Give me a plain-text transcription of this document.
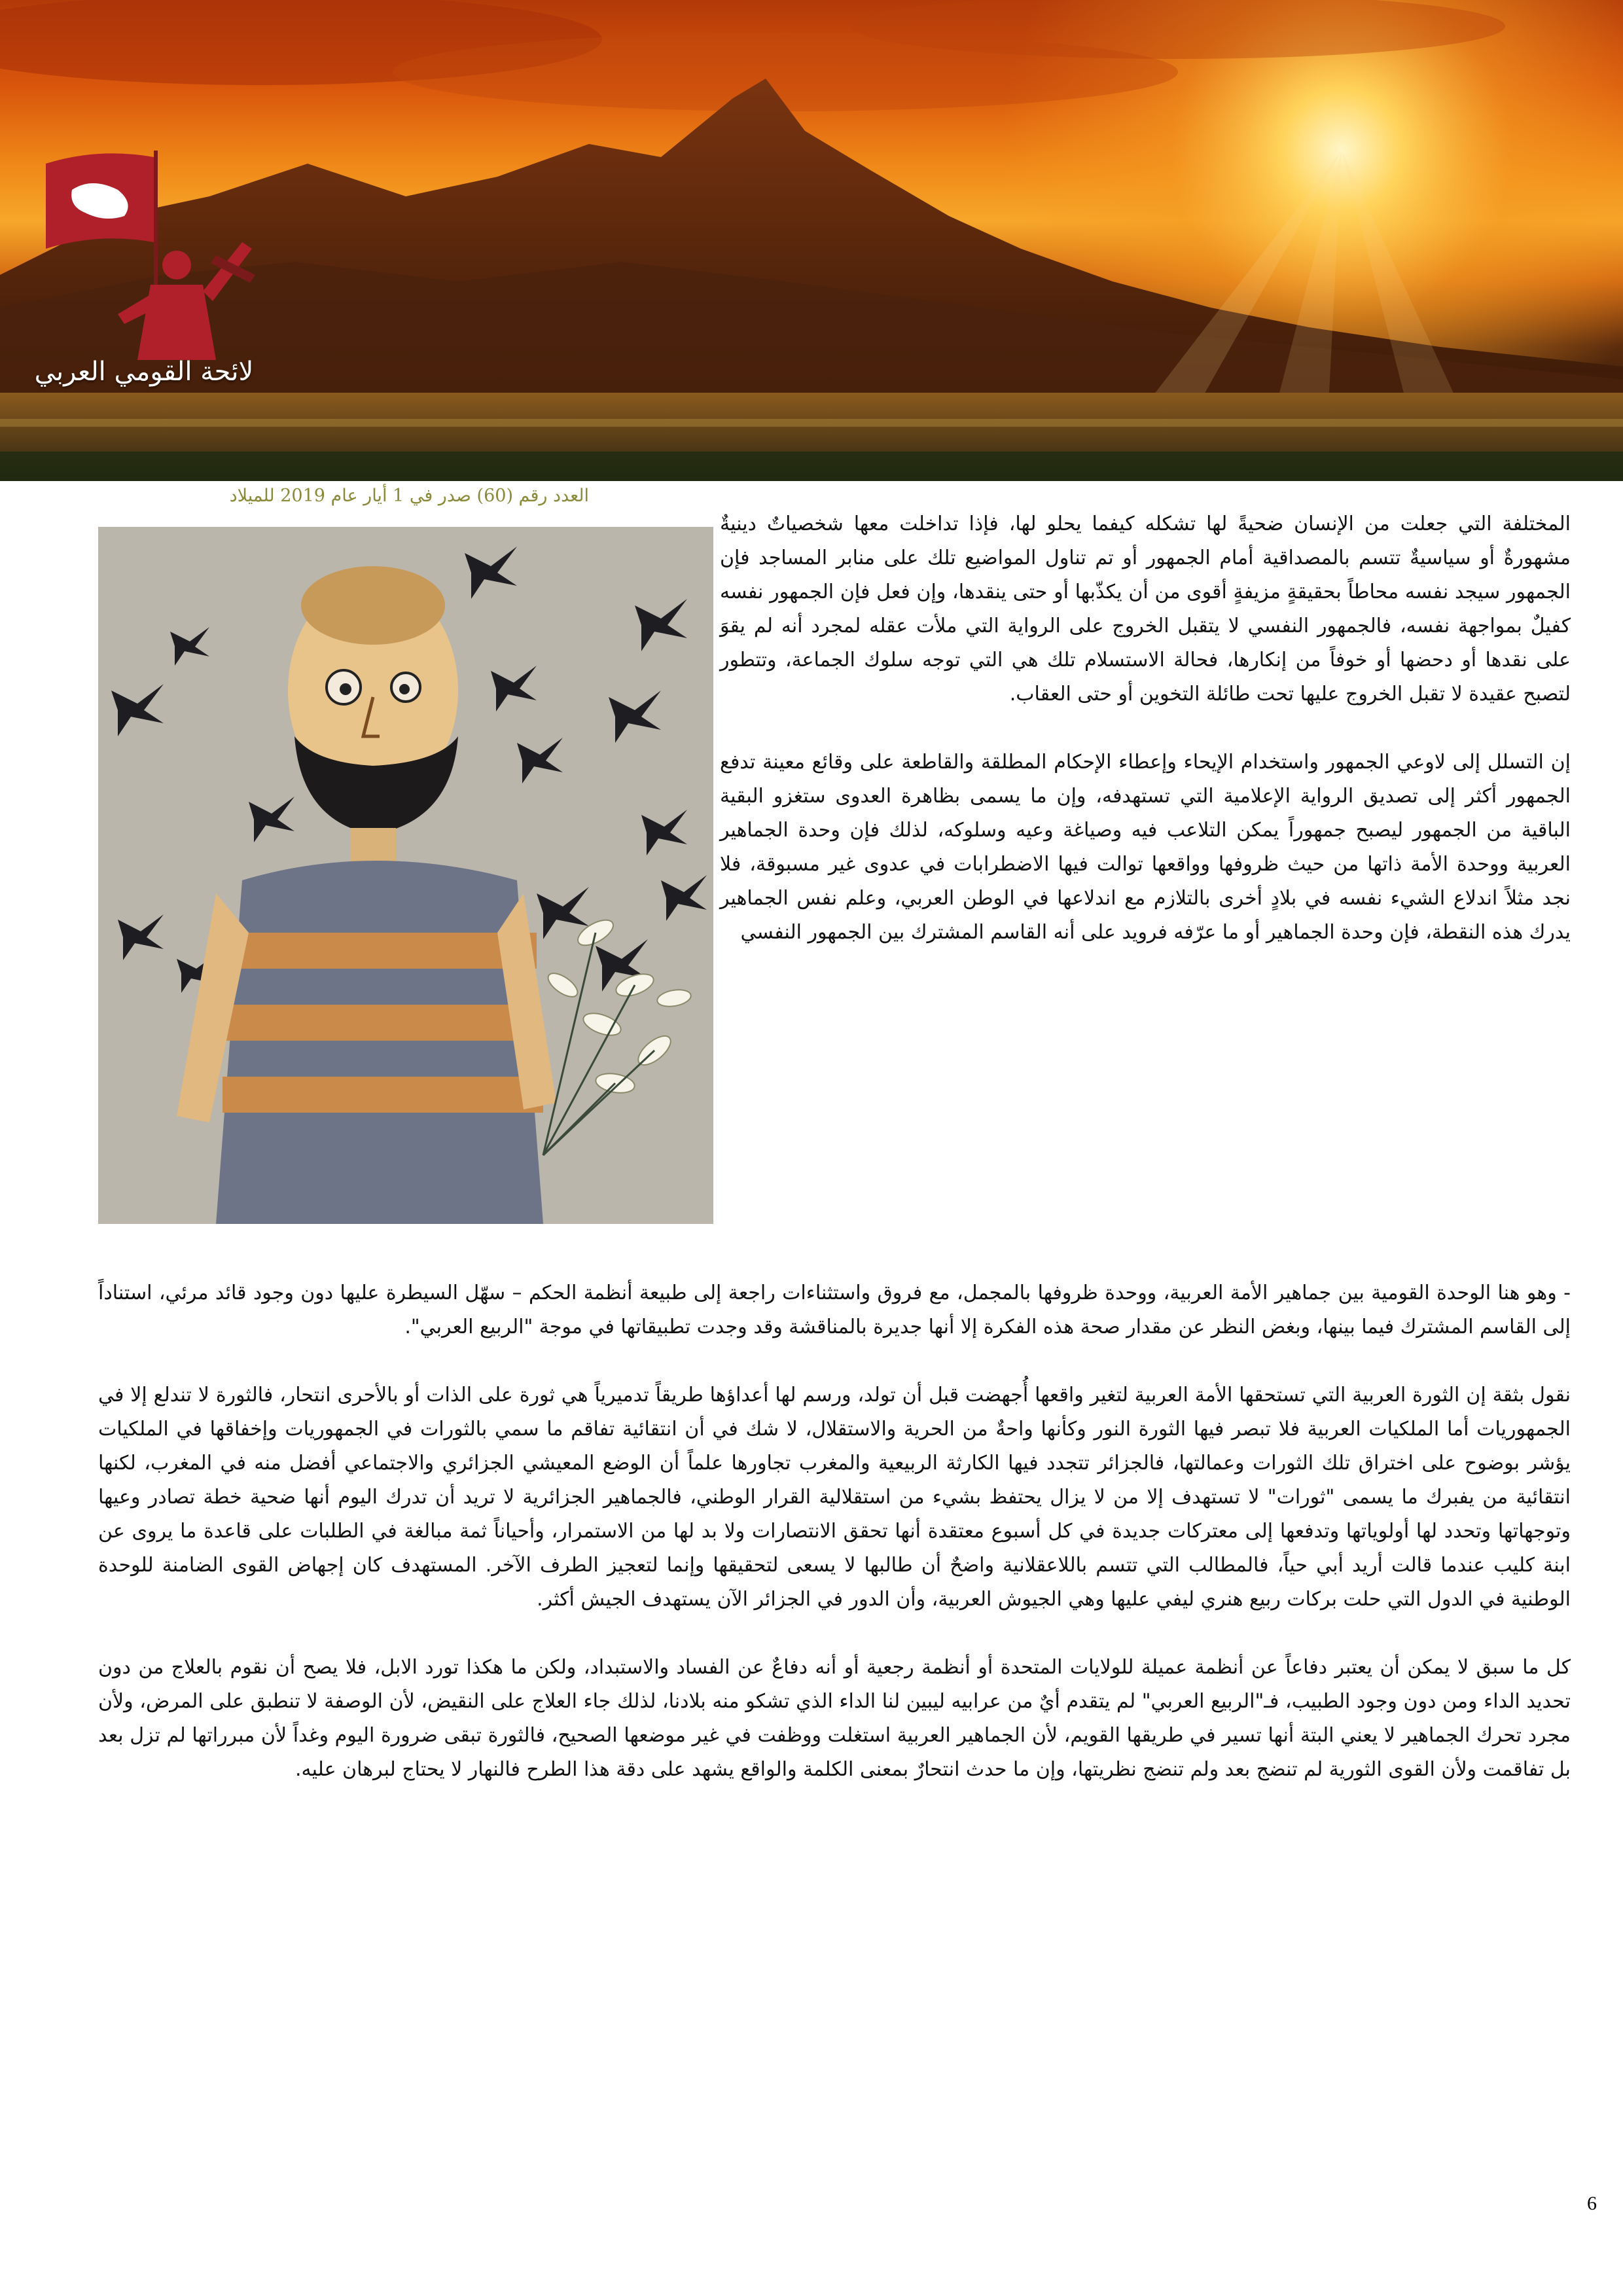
لائحة القومي العربي
العدد رقم (60) صدر في 1 أيار عام 2019 للميلاد

المختلفة التي جعلت من الإنسان ضحيةً لها تشكله كيفما يحلو لها، فإذا تداخلت معها شخصياتٌ دينيةٌ مشهورةٌ أو سياسيةٌ تتسم بالمصداقية أمام الجمهور أو تم تناول المواضيع تلك على منابر المساجد فإن الجمهور سيجد نفسه محاطاً بحقيقةٍ مزيفةٍ أقوى من أن يكذّبها أو حتى ينقدها، وإن فعل فإن الجمهور نفسه كفيلٌ بمواجهة نفسه، فالجمهور النفسي لا يتقبل الخروج على الرواية التي ملأت عقله لمجرد أنه لم يقوَ على نقدها أو دحضها أو خوفاً من إنكارها، فحالة الاستسلام تلك هي التي توجه سلوك الجماعة، وتتطور لتصبح عقيدة لا تقبل الخروج عليها تحت طائلة التخوين أو حتى العقاب.

إن التسلل إلى لاوعي الجمهور واستخدام الإيحاء وإعطاء الإحكام المطلقة والقاطعة على وقائع معينة تدفع الجمهور أكثر إلى تصديق الرواية الإعلامية التي تستهدفه، وإن ما يسمى بظاهرة العدوى ستغزو البقية الباقية من الجمهور ليصبح جمهوراً يمكن التلاعب فيه وصياغة وعيه وسلوكه، لذلك فإن وحدة الجماهير العربية ووحدة الأمة ذاتها من حيث ظروفها وواقعها توالت فيها الاضطرابات في عدوى غير مسبوقة، فلا نجد مثلاً اندلاع الشيء نفسه في بلادٍ أخرى بالتلازم مع اندلاعها في الوطن العربي، وعلم نفس الجماهير يدرك هذه النقطة، فإن وحدة الجماهير أو ما عرّفه فرويد على أنه القاسم المشترك بين الجمهور النفسي

- وهو هنا الوحدة القومية بين جماهير الأمة العربية، ووحدة ظروفها بالمجمل، مع فروق واستثناءات راجعة إلى طبيعة أنظمة الحكم – سهّل السيطرة عليها دون وجود قائد مرئي، استناداً إلى القاسم المشترك فيما بينها، وبغض النظر عن مقدار صحة هذه الفكرة إلا أنها جديرة بالمناقشة وقد وجدت تطبيقاتها في موجة "الربيع العربي".

نقول بثقة إن الثورة العربية التي تستحقها الأمة العربية لتغير واقعها أُجهضت قبل أن تولد، ورسم لها أعداؤها طريقاً تدميرياً هي ثورة على الذات أو بالأحرى انتحار، فالثورة لا تندلع إلا في الجمهوريات أما الملكيات العربية فلا تبصر فيها الثورة النور وكأنها واحةٌ من الحرية والاستقلال، لا شك في أن انتقائية تفاقم ما سمي بالثورات في الجمهوريات وإخفاقها في الملكيات يؤشر بوضوح على اختراق تلك الثورات وعمالتها، فالجزائر تتجدد فيها الكارثة الربيعية والمغرب تجاورها علماً أن الوضع المعيشي الجزائري والاجتماعي أفضل منه في المغرب، لكنها انتقائية من يفبرك ما يسمى "ثورات" لا تستهدف إلا من لا يزال يحتفظ بشيء من استقلالية القرار الوطني، فالجماهير الجزائرية لا تريد أن تدرك اليوم أنها ضحية خطة تصادر وعيها وتوجهاتها وتحدد لها أولوياتها وتدفعها إلى معتركات جديدة في كل أسبوع معتقدة أنها تحقق الانتصارات ولا بد لها من الاستمرار، وأحياناً ثمة مبالغة في الطلبات على قاعدة ما يروى عن ابنة كليب عندما قالت أريد أبي حياً، فالمطالب التي تتسم باللاعقلانية واضحٌ أن طالبها لا يسعى لتحقيقها وإنما لتعجيز الطرف الآخر. المستهدف كان إجهاض القوى الضامنة للوحدة الوطنية في الدول التي حلت بركات ربيع هنري ليفي عليها وهي الجيوش العربية، وأن الدور في الجزائر الآن يستهدف الجيش أكثر.

كل ما سبق لا يمكن أن يعتبر دفاعاً عن أنظمة عميلة للولايات المتحدة أو أنظمة رجعية أو أنه دفاعٌ عن الفساد والاستبداد، ولكن ما هكذا تورد الابل، فلا يصح أن نقوم بالعلاج من دون تحديد الداء ومن دون وجود الطبيب، فـ"الربيع العربي" لم يتقدم أيٌ من عرابيه ليبين لنا الداء الذي تشكو منه بلادنا، لذلك جاء العلاج على النقيض، لأن الوصفة لا تنطبق على المرض، ولأن مجرد تحرك الجماهير لا يعني البتة أنها تسير في طريقها القويم، لأن الجماهير العربية استغلت ووظفت في غير موضعها الصحيح، فالثورة تبقى ضرورة اليوم وغداً لأن مبرراتها لم تزل بعد بل تفاقمت ولأن القوى الثورية لم تنضج بعد ولم تنضج نظريتها، وإن ما حدث انتحارٌ بمعنى الكلمة والواقع يشهد على دقة هذا الطرح فالنهار لا يحتاج لبرهان عليه.

6
